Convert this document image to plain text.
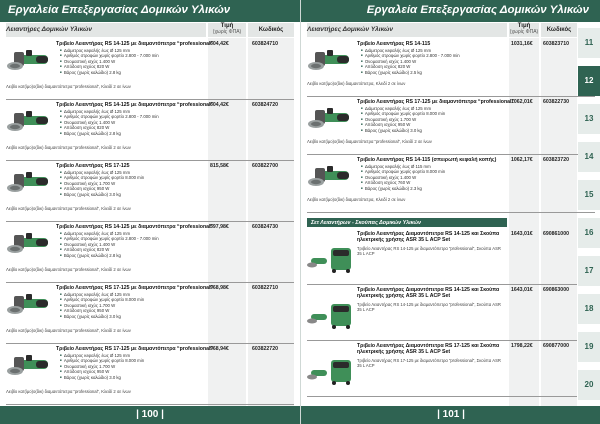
Εργαλεία Επεξεργασίας Δομικών Υλικών
Λειαντήρες Δομικών Υλικών	Τιμή
(χωρίς ΦΠΑ)	Κωδικός
Τριβείο Λειαντήρας RS 14-125 με διαμαντόπετρα “professional”
■ Διάμετρος κεφαλής έως Ø 125 mm
■ Αριθμός στροφών χωρίς φορτίο 2.800 - 7.000 min
■ Ονομαστική ισχύς 1.400 W
■ Απόδοση ισχύος 820 W
■ Βάρος (χωρίς καλώδιο) 2.8 kg
Λειβίο κατ(ίμο)ο(δικ) διαμαντόπετρα “professional”, Κλειδί 2 σε ίνων
604,42€	603824710
Τριβείο Λειαντήρας RS 14-125 με διαμαντόπετρα “professional”
■ Διάμετρος κεφαλής έως Ø 125 mm
■ Αριθμός στροφών χωρίς φορτίο 2.800 - 7.000 min
■ Ονομαστική ισχύς 1.400 W
■ Απόδοση ισχύος 820 W
■ Βάρος (χωρίς καλώδιο) 2.8 kg
Λειβίο κατ(ίμο)ο(δικ) διαμαντόπετρα “professional”, Κλειδί 2 σε ίνων
604,42€	603824720
Τριβείο Λειαντήρας RS 17-125
■ Διάμετρος κεφαλής έως Ø 125 mm
■ Αριθμός στροφών χωρίς φορτίο 8.000 min
■ Ονομαστική ισχύς 1.700 W
■ Απόδοση ισχύος 950 W
■ Βάρος (χωρίς καλώδιο) 3.0 kg
Λειβίο κατ(ίμο)ο(δικ) διαμαντόπετρα “professional”, Κλειδί 2 σε ίνων
815,58€	603822700
Τριβείο Λειαντήρας RS 14-125 με διαμαντόπετρα “professional”
■ Διάμετρος κεφαλής έως Ø 125 mm
■ Αριθμός στροφών χωρίς φορτίο 2.800 - 7.000 min
■ Ονομαστική ισχύς 1.400 W
■ Απόδοση ισχύος 820 W
■ Βάρος (χωρίς καλώδιο) 2.8 kg
Λειβίο κατ(ίμο)ο(δικ) διαμαντόπετρα “professional”, Κλειδί 2 σε ίνων
597,98€	603824730
Τριβείο Λειαντήρας RS 17-125 με διαμαντόπετρα “professional”
■ Διάμετρος κεφαλής έως Ø 125 mm
■ Αριθμός στροφών χωρίς φορτίο 8.000 min
■ Ονομαστική ισχύς 1.700 W
■ Απόδοση ισχύος 950 W
■ Βάρος (χωρίς καλώδιο) 3.0 kg
Λειβίο κατ(ίμο)ο(δικ) διαμαντόπετρα “professional”, Κλειδί 2 σε ίνων
968,98€	603822710
Τριβείο Λειαντήρας RS 17-125 με διαμαντόπετρα “professional”
■ Διάμετρος κεφαλής έως Ø 125 mm
■ Αριθμός στροφών χωρίς φορτίο 8.000 min
■ Ονομαστική ισχύς 1.700 W
■ Απόδοση ισχύος 950 W
■ Βάρος (χωρίς καλώδιο) 3.0 kg
Λειβίο κατ(ίμο)ο(δικ) διαμαντόπετρα “professional”, Κλειδί 2 σε ίνων
968,94€	603822720
| 100 |
Εργαλεία Επεξεργασίας Δομικών Υλικών
Λειαντήρες Δομικών Υλικών	Τιμή
(χωρίς ΦΠΑ)	Κωδικός
Τριβείο Λειαντήρας RS 14-115
■ Διάμετρος κεφαλής έως Ø 125 mm
■ Αριθμός στροφών χωρίς φορτίο 2.800 - 7.000 min
■ Ονομαστική ισχύς 1.400 W
■ Απόδοση ισχύος 820 W
■ Βάρος (χωρίς καλώδιο) 2.5 kg
Λειβίο κατ(ίμο)ο(δικ) διαμαντόπετρα, Κλειδί 2 σε ίνων
1031,16€ 603823710
Τριβείο Λειαντήρας RS 17-125 με διαμαντόπετρα “professional”
■ Διάμετρος κεφαλής έως Ø 125 mm
■ Αριθμός στροφών χωρίς φορτίο 8.000 min
■ Ονομαστική ισχύς 1.700 W
■ Απόδοση ισχύος 950 W
■ Βάρος (χωρίς καλώδιο) 3.0 kg
Λειβίο κατ(ίμο)ο(δικ) διαμαντόπετρα “professional”, Κλειδί 2 σε ίνων
1062,01€ 603822730
Τριβείο Λειαντήρας RS 14-115 (σπειρωτή κεφαλή κοπής)
■ Διάμετρος κεφαλής έως Ø 115 mm
■ Αριθμός στροφών χωρίς φορτίο 8.000 min
■ Ονομαστική ισχύς 1.400 W
■ Απόδοση ισχύος 760 W
■ Βάρος (χωρίς καλώδιο) 2.3 kg
Λειβίο κατ(ίμο)ο(δικ) διαμαντόπετρα, Κλειδί 2 σε ίνων
1062,17€ 603823720
Σετ Λειαντήρων - Σκούπας Δομικών Υλικών
Τριβείο Λειαντήρας Διαμαντόπετρα RS 14-125 και Σκούπα ηλεκτρικής χρήσης ASR 35 L ACP Set
Τριβείο Λειαντήρας RS 14-125 με διαμαντόπετρα “professional”, Σκούπα ASR 35 L ACP
1643,01€ 690861000
Τριβείο Λειαντήρας Διαμαντόπετρα RS 14-125 και Σκούπα ηλεκτρικής χρήσης ASR 35 L ACP Set
Τριβείο Λειαντήρας RS 14-125 με διαμαντόπετρα “professional”, Σκούπα ASR 35 L ACP
1643,01€ 690863000
Τριβείο Λειαντήρας Διαμαντόπετρα RS 17-125 και Σκούπα ηλεκτρικής χρήσης ASR 35 L ACP Set
Τριβείο Λειαντήρας RS 17-125 με διαμαντόπετρα “professional”, Σκούπα ASR 35 L ACP
1798,22€ 690877000
11
12
13
14
15
16
17
18
19
20
| 101 |
